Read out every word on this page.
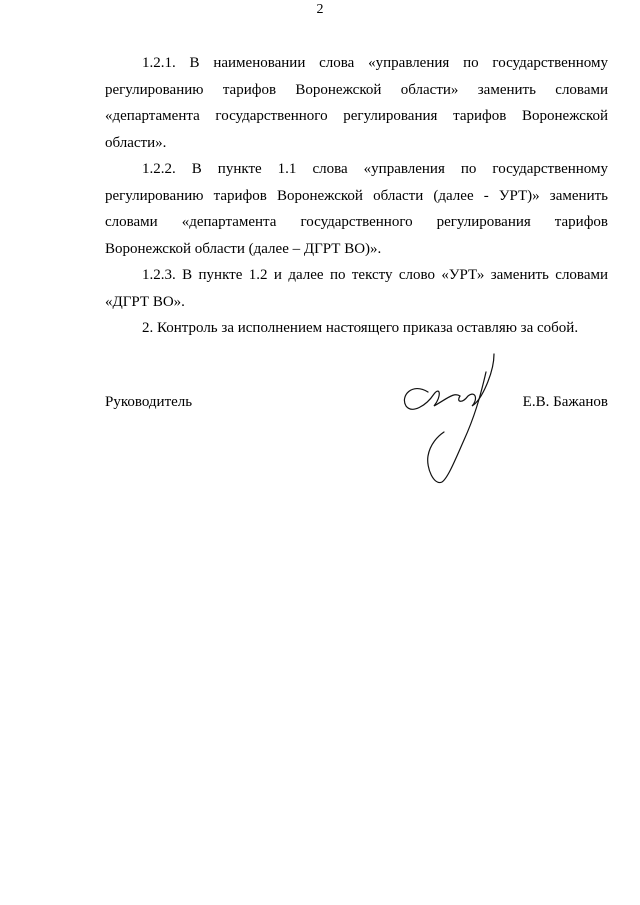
2

1.2.1. В наименовании слова «управления по государственному регулированию тарифов Воронежской области» заменить словами «департамента государственного регулирования тарифов Воронежской области».

1.2.2. В пункте 1.1 слова «управления по государственному регулированию тарифов Воронежской области (далее - УРТ)» заменить словами «департамента государственного регулирования тарифов Воронежской области (далее – ДГРТ ВО)».

1.2.3. В пункте 1.2 и далее по тексту слово «УРТ» заменить словами «ДГРТ ВО».

2. Контроль за исполнением настоящего приказа оставляю за собой.

Руководитель	Е.В. Бажанов
